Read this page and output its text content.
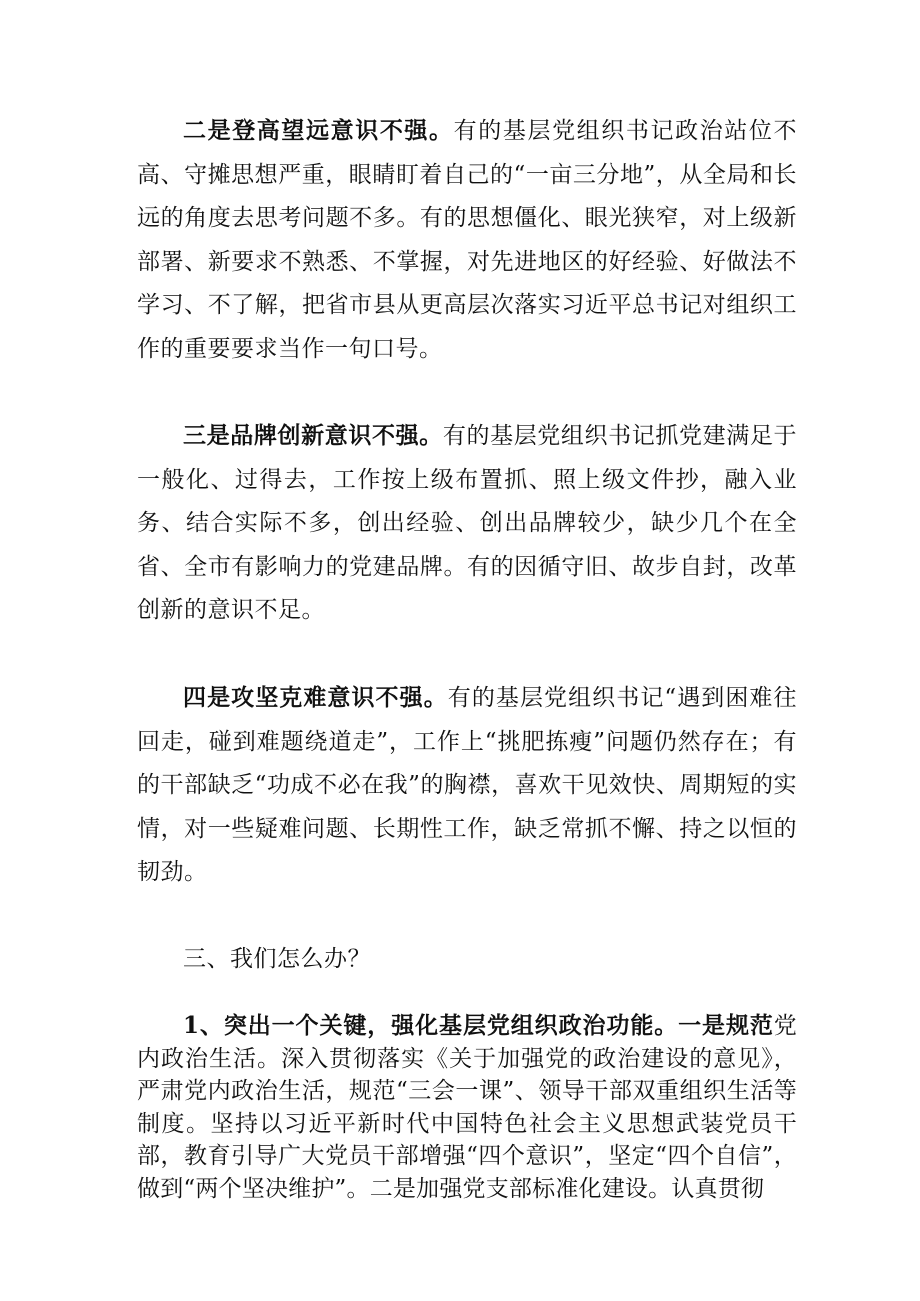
二是登高望远意识不强。有的基层党组织书记政治站位不高、守摊思想严重，眼睛盯着自己的“一亩三分地”，从全局和长远的角度去思考问题不多。有的思想僵化、眼光狭窄，对上级新部署、新要求不熟悉、不掌握，对先进地区的好经验、好做法不学习、不了解，把省市县从更高层次落实习近平总书记对组织工作的重要要求当作一句口号。

三是品牌创新意识不强。有的基层党组织书记抓党建满足于一般化、过得去，工作按上级布置抓、照上级文件抄，融入业务、结合实际不多，创出经验、创出品牌较少，缺少几个在全省、全市有影响力的党建品牌。有的因循守旧、故步自封，改革创新的意识不足。

四是攻坚克难意识不强。有的基层党组织书记“遇到困难往回走，碰到难题绕道走”，工作上“挑肥拣瘦”问题仍然存在；有的干部缺乏“功成不必在我”的胸襟，喜欢干见效快、周期短的实情，对一些疑难问题、长期性工作，缺乏常抓不懈、持之以恒的韧劲。

三、我们怎么办？

1、突出一个关键，强化基层党组织政治功能。一是规范党内政治生活。深入贯彻落实《关于加强党的政治建设的意见》，严肃党内政治生活，规范“三会一课”、领导干部双重组织生活等制度。坚持以习近平新时代中国特色社会主义思想武装党员干部，教育引导广大党员干部增强“四个意识”，坚定“四个自信”，做到“两个坚决维护”。二是加强党支部标准化建设。认真贯彻
